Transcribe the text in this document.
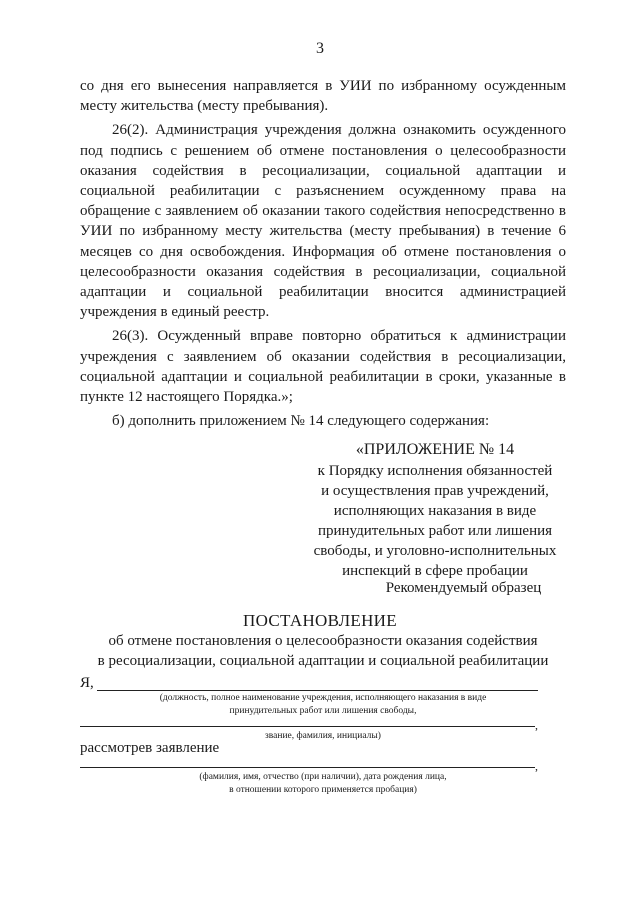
3

со дня его вынесения направляется в УИИ по избранному осужденным месту жительства (месту пребывания).

26(2). Администрация учреждения должна ознакомить осужденного под подпись с решением об отмене постановления о целесообразности оказания содействия в ресоциализации, социальной адаптации и социальной реабилитации с разъяснением осужденному права на обращение с заявлением об оказании такого содействия непосредственно в УИИ по избранному месту жительства (месту пребывания) в течение 6 месяцев со дня освобождения. Информация об отмене постановления о целесообразности оказания содействия в ресоциализации, социальной адаптации и социальной реабилитации вносится администрацией учреждения в единый реестр.

26(3). Осужденный вправе повторно обратиться к администрации учреждения с заявлением об оказании содействия в ресоциализации, социальной адаптации и социальной реабилитации в сроки, указанные в пункте 12 настоящего Порядка.»;

б) дополнить приложением № 14 следующего содержания:

«ПРИЛОЖЕНИЕ № 14
к Порядку исполнения обязанностей
и осуществления прав учреждений,
исполняющих наказания в виде
принудительных работ или лишения
свободы, и уголовно-исполнительных
инспекций в сфере пробации
Рекомендуемый образец
ПОСТАНОВЛЕНИЕ
об отмене постановления о целесообразности оказания содействия
в ресоциализации, социальной адаптации и социальной реабилитации
Я,
(должность, полное наименование учреждения, исполняющего наказания в виде
принудительных работ или лишения свободы,
,
звание, фамилия, инициалы)
рассмотрев заявление
,
(фамилия, имя, отчество (при наличии), дата рождения лица,
в отношении которого применяется пробация)
